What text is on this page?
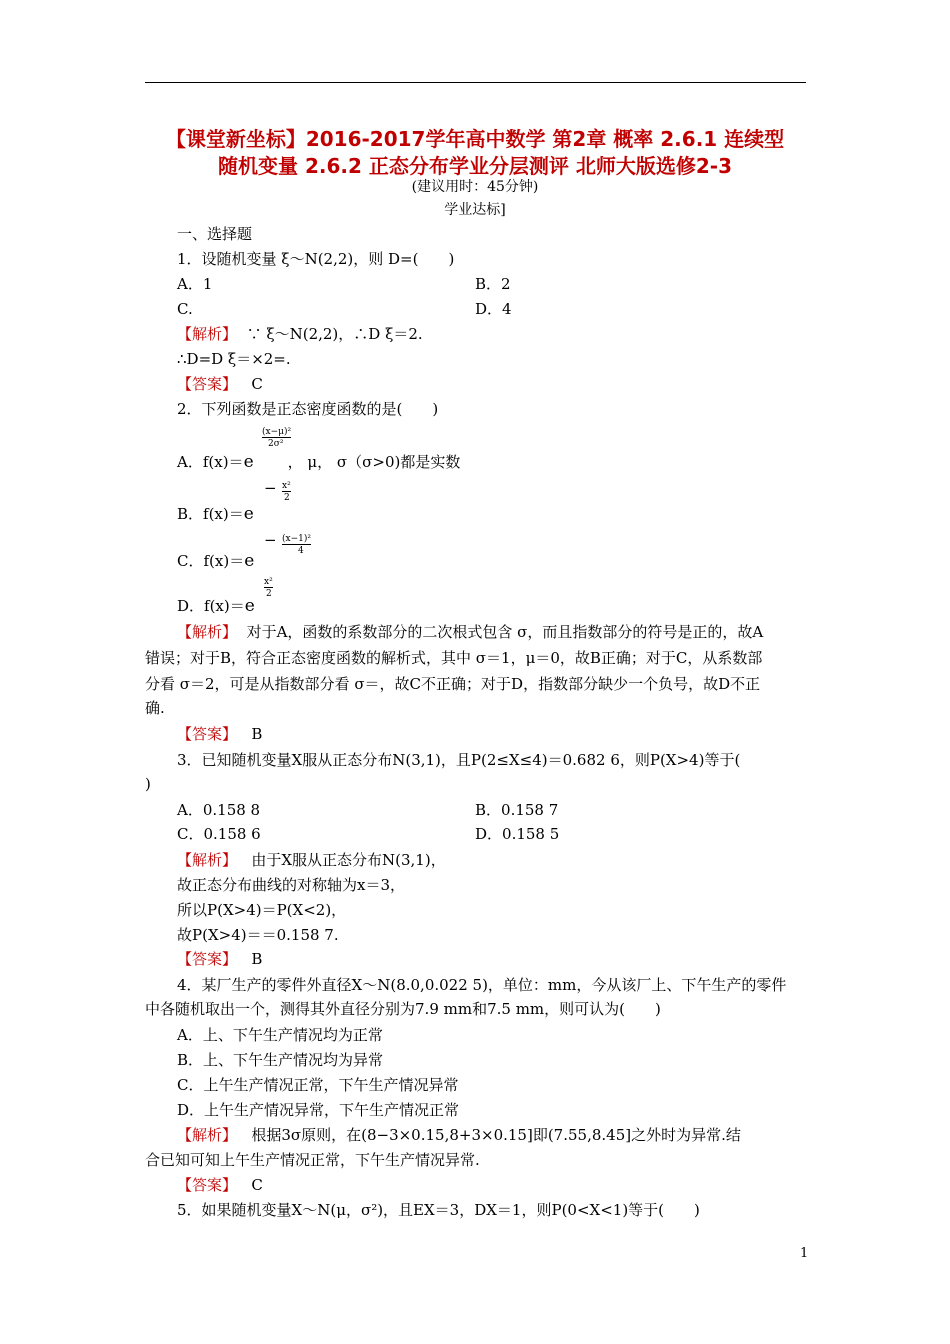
【课堂新坐标】2016-2017学年高中数学 第2章 概率 2.6.1 连续型
随机变量 2.6.2 正态分布学业分层测评 北师大版选修2-3
(建议用时：45分钟)
学业达标]
一、选择题
1．设随机变量 ξ～N(2,2)，则 D=(　　)
A．1	B．2
C.	D．4
【解析】 ∵ ξ～N(2,2)，∴D ξ＝2.
∴D=D ξ＝×2=.
【答案】 C
2．下列函数是正态密度函数的是(　　)
A．f(x)＝e ， μ， σ（σ>0)都是实数
(x−μ)²
2σ²
B．f(x)＝e
− x²
2
C．f(x)＝e
− (x−1)²
4
D．f(x)＝e
x²
2
【解析】 对于A，函数的系数部分的二次根式包含 σ，而且指数部分的符号是正的，故A
错误；对于B，符合正态密度函数的解析式，其中 σ＝1，μ＝0，故B正确；对于C，从系数部
分看 σ＝2，可是从指数部分看 σ＝，故C不正确；对于D，指数部分缺少一个负号，故D不正
确.
【答案】 B
3．已知随机变量X服从正态分布N(3,1)，且P(2≤X≤4)＝0.682 6，则P(X>4)等于(
)
A．0.158 8	B．0.158 7
C．0.158 6	D．0.158 5
【解析】 由于X服从正态分布N(3,1)，
故正态分布曲线的对称轴为x＝3，
所以P(X>4)＝P(X<2)，
故P(X>4)＝＝0.158 7.
【答案】 B
4．某厂生产的零件外直径X～N(8.0,0.022 5)，单位：mm，今从该厂上、下午生产的零件
中各随机取出一个，测得其外直径分别为7.9 mm和7.5 mm，则可认为(　　)
A．上、下午生产情况均为正常
B．上、下午生产情况均为异常
C．上午生产情况正常，下午生产情况异常
D．上午生产情况异常，下午生产情况正常
【解析】 根据3σ原则，在(8−3×0.15,8+3×0.15]即(7.55,8.45]之外时为异常.结
合已知可知上午生产情况正常，下午生产情况异常.
【答案】 C
5．如果随机变量X～N(μ，σ²)，且EX＝3，DX＝1，则P(0<X<1)等于(　　)
1
